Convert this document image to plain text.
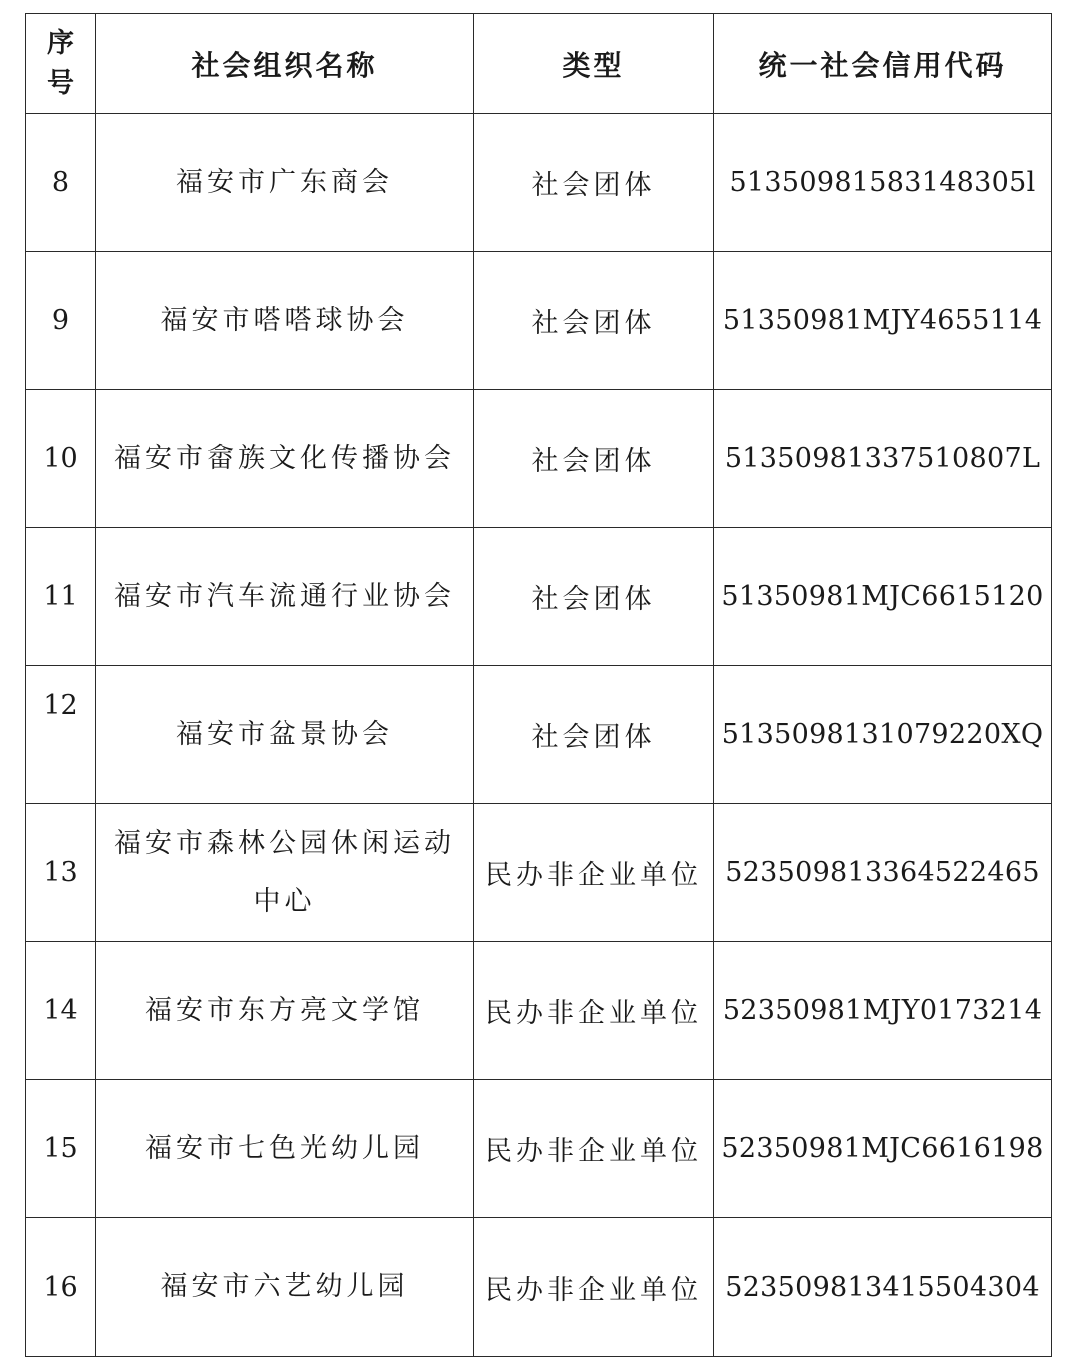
序
号	社会组织名称	类型	统一社会信用代码
8	福安市广东商会	社会团体	51350981583148305l
9	福安市嗒嗒球协会	社会团体	51350981MJY4655114
10	福安市畲族文化传播协会	社会团体	51350981337510807L
11	福安市汽车流通行业协会	社会团体	51350981MJC6615120
12	福安市盆景协会	社会团体	5135098131079220XQ
13	福安市森林公园休闲运动中心	民办非企业单位	523509813364522465
14	福安市东方亮文学馆	民办非企业单位	52350981MJY0173214
15	福安市七色光幼儿园	民办非企业单位	52350981MJC6616198
16	福安市六艺幼儿园	民办非企业单位	523509813415504304
